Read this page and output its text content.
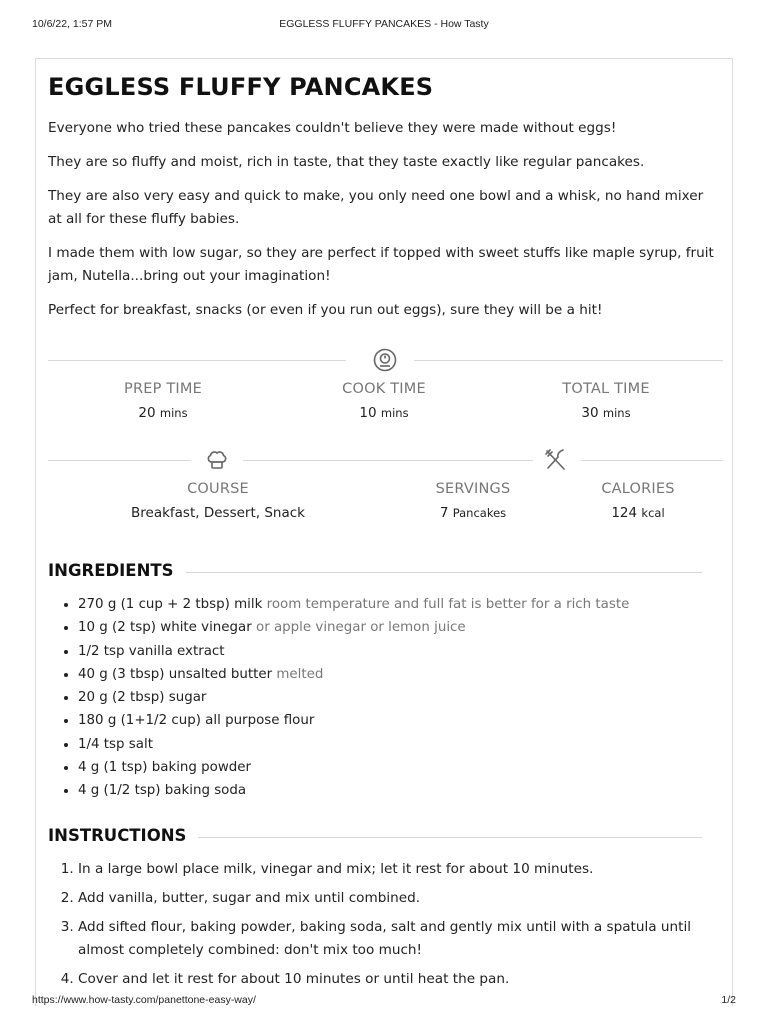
10/6/22, 1:57 PM	EGGLESS FLUFFY PANCAKES - How Tasty
EGGLESS FLUFFY PANCAKES

Everyone who tried these pancakes couldn't believe they were made without eggs!

They are so fluffy and moist, rich in taste, that they taste exactly like regular pancakes.

They are also very easy and quick to make, you only need one bowl and a whisk, no hand mixer at all for these fluffy babies.

I made them with low sugar, so they are perfect if topped with sweet stuffs like maple syrup, fruit jam, Nutella...bring out your imagination!

Perfect for breakfast, snacks (or even if you run out eggs), sure they will be a hit!

PREP TIME
20 mins
COOK TIME
10 mins
TOTAL TIME
30 mins
COURSE
Breakfast, Dessert, Snack
SERVINGS
7 Pancakes
CALORIES
124 kcal
INGREDIENTS
• 270 g (1 cup + 2 tbsp) milk room temperature and full fat is better for a rich taste
• 10 g (2 tsp) white vinegar or apple vinegar or lemon juice
• 1/2 tsp vanilla extract
• 40 g (3 tbsp) unsalted butter melted
• 20 g (2 tbsp) sugar
• 180 g (1+1/2 cup) all purpose flour
• 1/4 tsp salt
• 4 g (1 tsp) baking powder
• 4 g (1/2 tsp) baking soda
INSTRUCTIONS
1. In a large bowl place milk, vinegar and mix; let it rest for about 10 minutes.
2. Add vanilla, butter, sugar and mix until combined.
3. Add sifted flour, baking powder, baking soda, salt and gently mix until with a spatula until almost completely combined: don't mix too much!
4. Cover and let it rest for about 10 minutes or until heat the pan.
https://www.how-tasty.com/panettone-easy-way/	1/2
